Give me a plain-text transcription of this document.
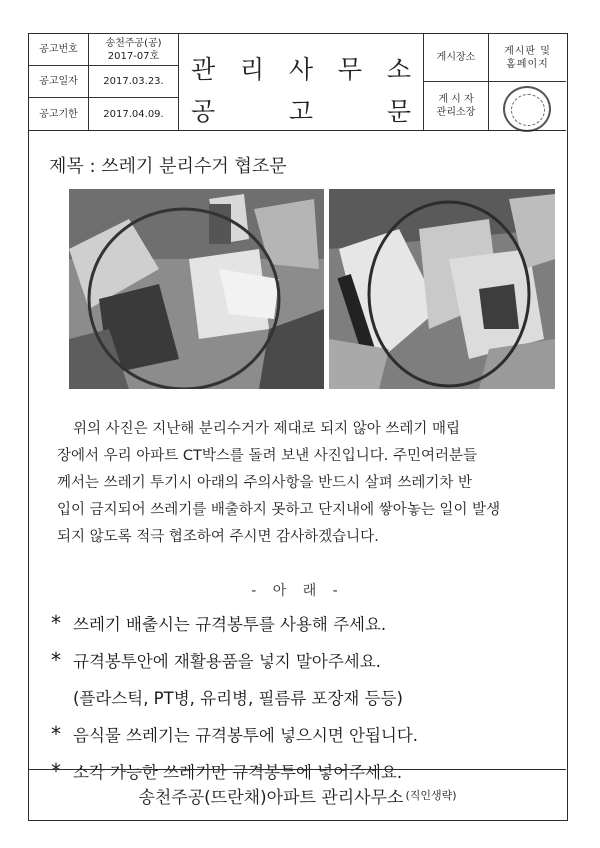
공고번호
공고일자
공고기한
송천주공(공)
2017-07호
2017.03.23.
2017.04.09.
관 리 사 무 소
공	고	문
게시장소
게시판 및
홈페이지
게 시 자
관리소장
제목 : 쓰레기 분리수거 협조문

위의 사진은 지난해 분리수거가 제대로 되지 않아 쓰레기 매립

장에서 우리 아파트 CT박스를 돌려 보낸 사진입니다. 주민여러분들

께서는 쓰레기 투기시 아래의 주의사항을 반드시 살펴 쓰레기차 반

입이 금지되어 쓰레기를 배출하지 못하고 단지내에 쌓아놓는 일이 발생

되지 않도록 적극 협조하여 주시면 감사하겠습니다.

- 아 래 -
* 쓰레기 배출시는 규격봉투를 사용해 주세요.
* 규격봉투안에 재활용품을 넣지 말아주세요.
(플라스틱, PT병, 유리병, 필름류 포장재 등등)
* 음식물 쓰레기는 규격봉투에 넣으시면 안됩니다.
* 소각 가능한 쓰레기만 규격봉투에 넣어주세요.
송천주공(뜨란채)아파트 관리사무소 (직인생략)
